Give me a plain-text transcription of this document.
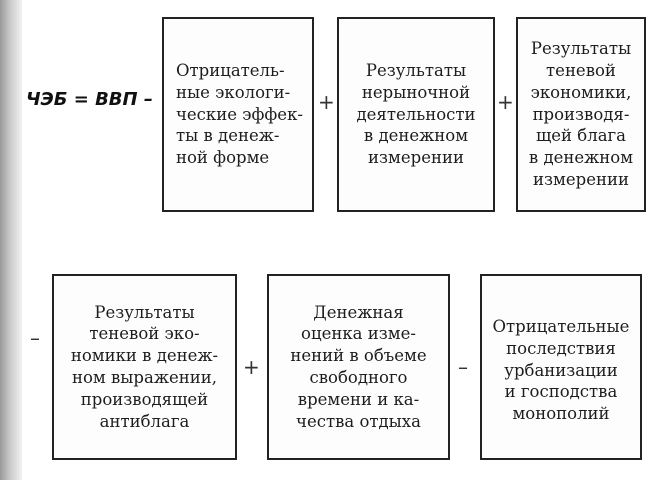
ЧЭБ = ВВП –
Отрицатель-
ные экологи-
ческие эффек-
ты в денеж-
ной форме
+
Результаты
нерыночной
деятельности
в денежном
измерении
+
Результаты
теневой
экономики,
производя-
щей блага
в денежном
измерении
–
Результаты
теневой эко-
номики в денеж-
ном выражении,
производящей
антиблага
+
Денежная
оценка изме-
нений в объеме
свободного
времени и ка-
чества отдыха
–
Отрицательные
последствия
урбанизации
и господства
монополий
